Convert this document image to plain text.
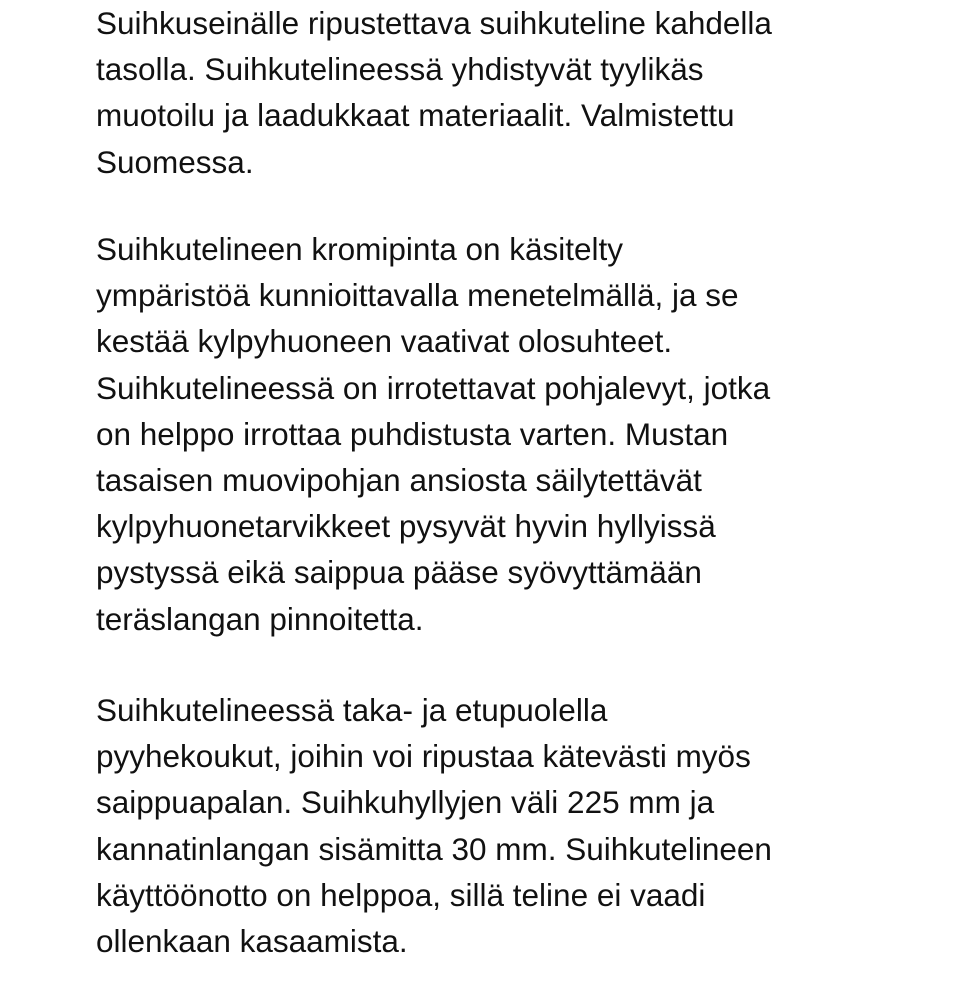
Suihkuseinälle ripustettava suihkuteline kahdella
tasolla. Suihkutelineessä yhdistyvät tyylikäs
muotoilu ja laadukkaat materiaalit. Valmistettu
Suomessa.
Suihkutelineen kromipinta on käsitelty
ympäristöä kunnioittavalla menetelmällä, ja se
kestää kylpyhuoneen vaativat olosuhteet.
Suihkutelineessä on irrotettavat pohjalevyt, jotka
on helppo irrottaa puhdistusta varten. Mustan
tasaisen muovipohjan ansiosta säilytettävät
kylpyhuonetarvikkeet pysyvät hyvin hyllyissä
pystyssä eikä saippua pääse syövyttämään
teräslangan pinnoitetta.
Suihkutelineessä taka- ja etupuolella
pyyhekoukut, joihin voi ripustaa kätevästi myös
saippuapalan. Suihkuhyllyjen väli 225 mm ja
kannatinlangan sisämitta 30 mm. Suihkutelineen
käyttöönotto on helppoa, sillä teline ei vaadi
ollenkaan kasaamista.
